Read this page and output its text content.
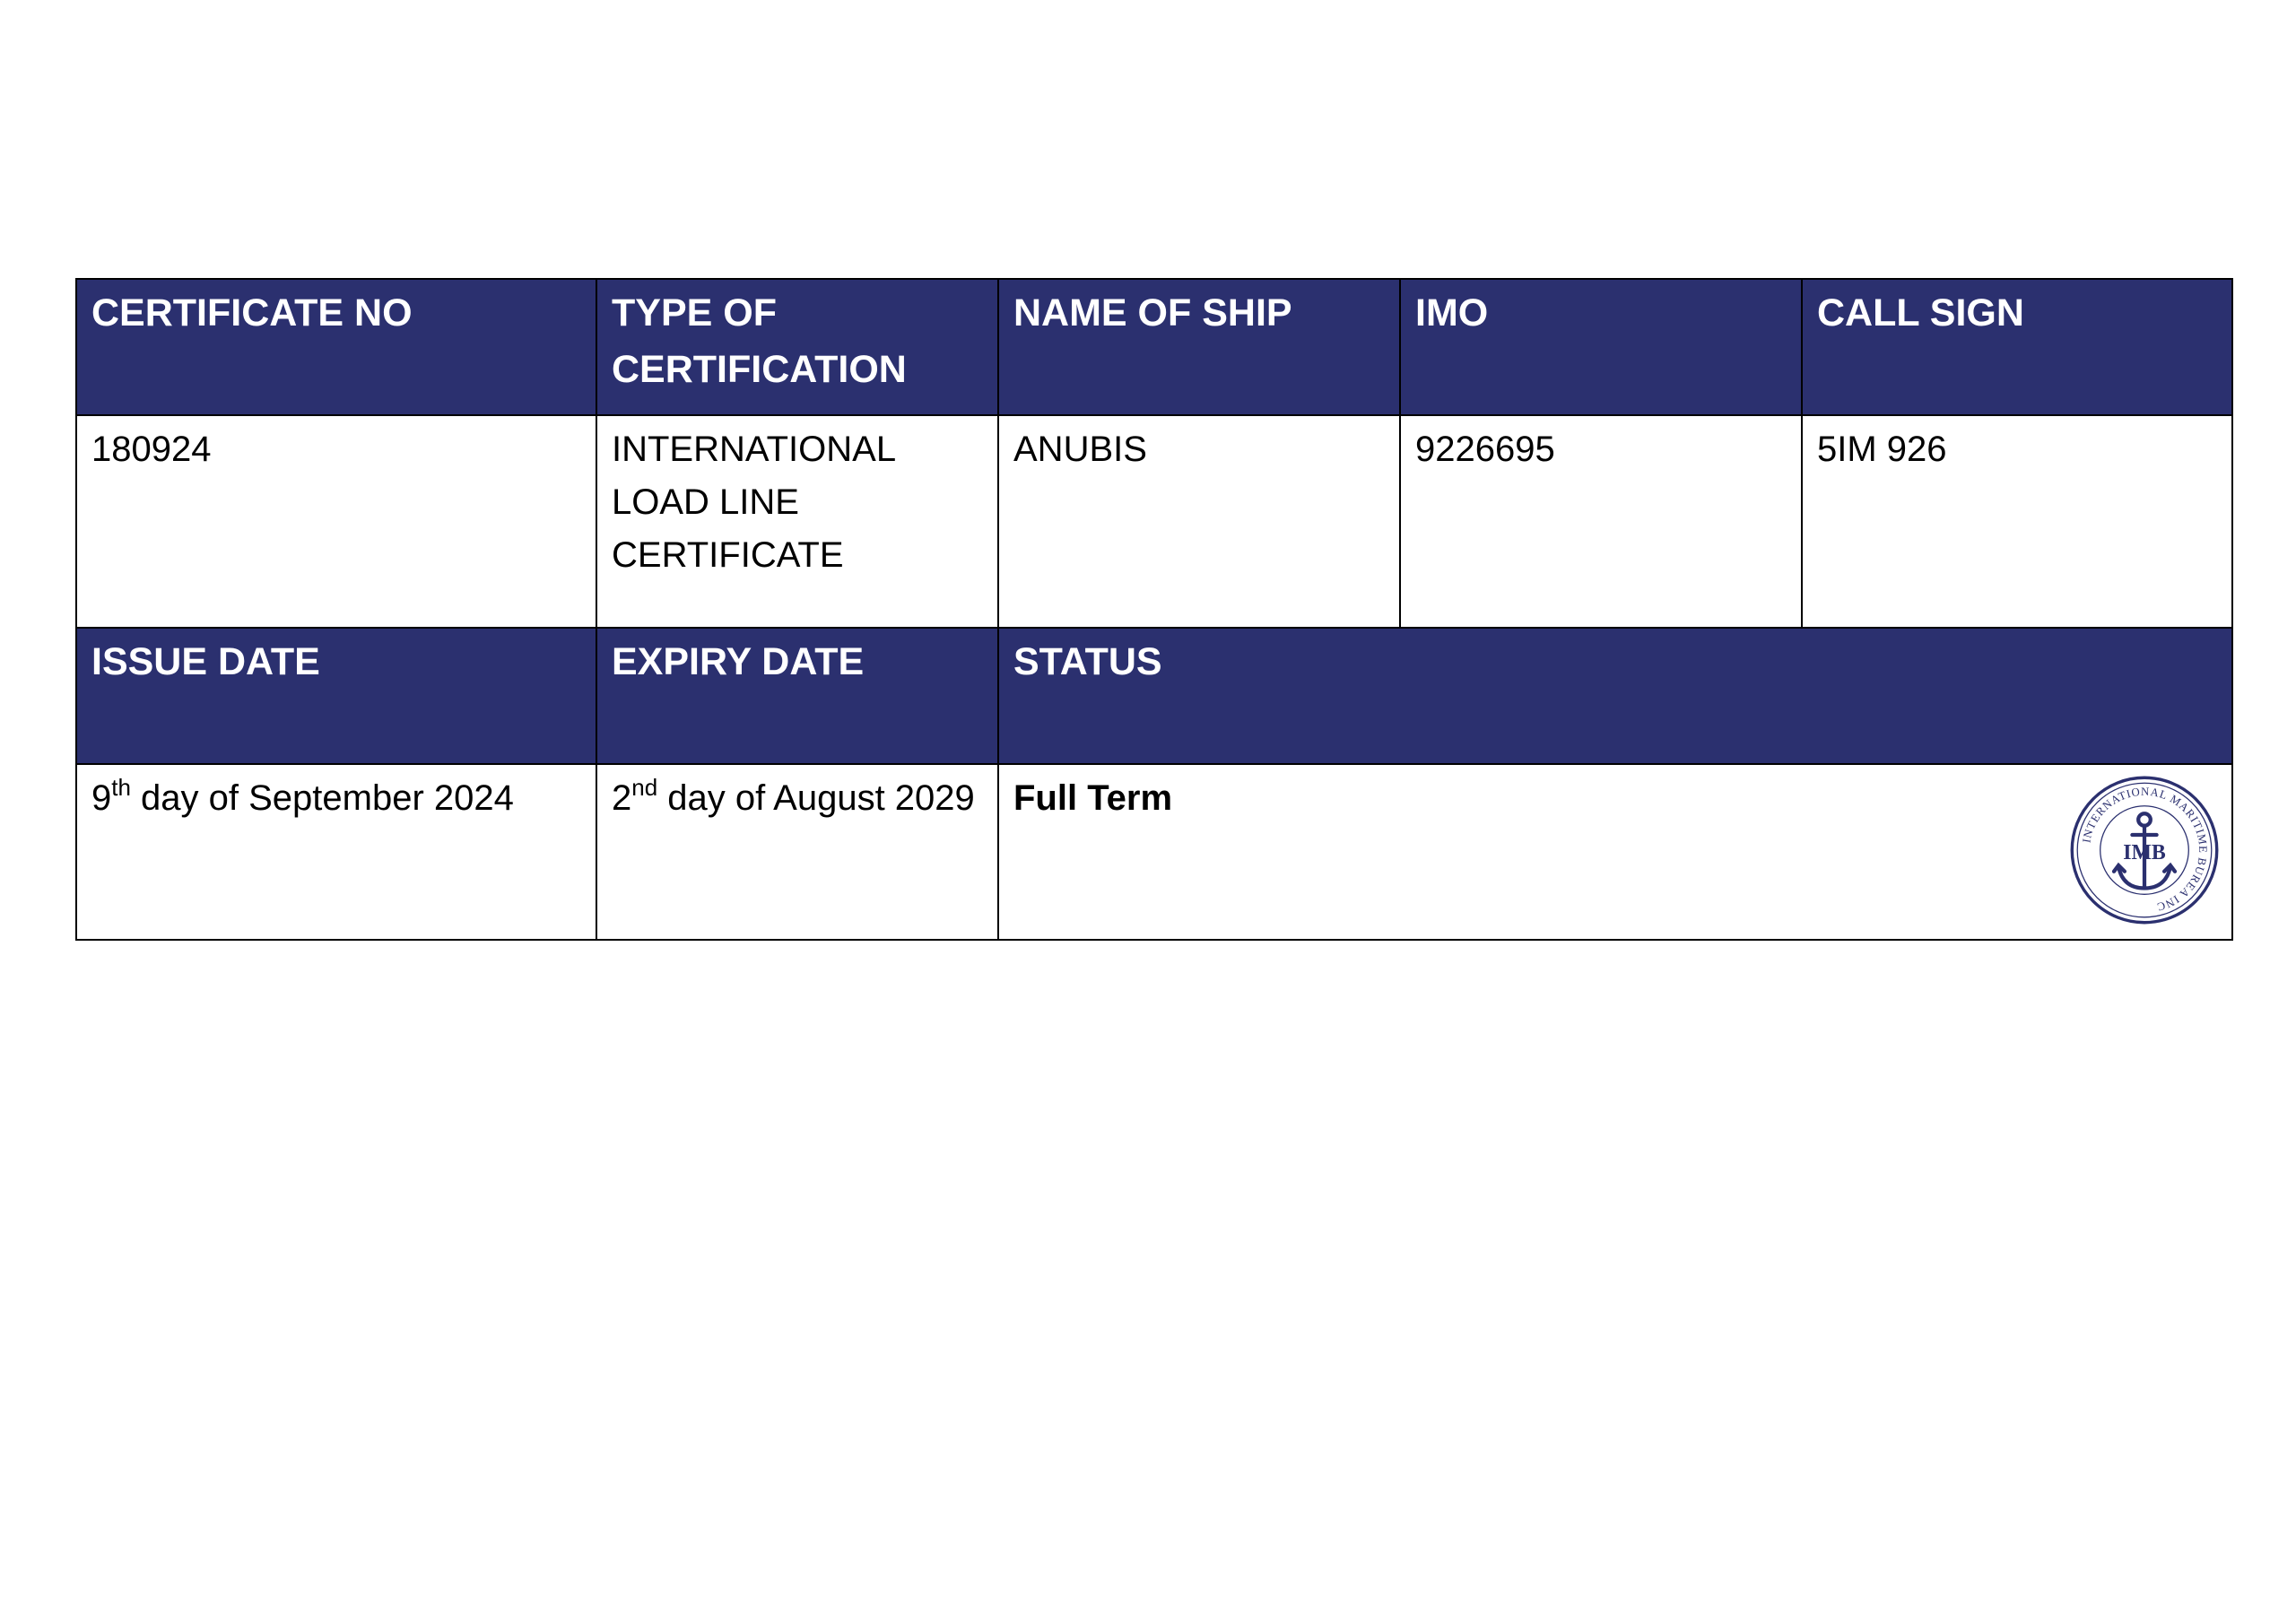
CERTIFICATE NO	TYPE OF CERTIFICATION	NAME OF SHIP	IMO	CALL SIGN
180924	INTERNATIONAL LOAD LINE CERTIFICATE	ANUBIS	9226695	5IM 926
ISSUE DATE	EXPIRY DATE	STATUS		
9th day of September 2024	2nd day of August 2029	Full Term
INTERNATIONAL MARITIME BUREA INC
IMB		
